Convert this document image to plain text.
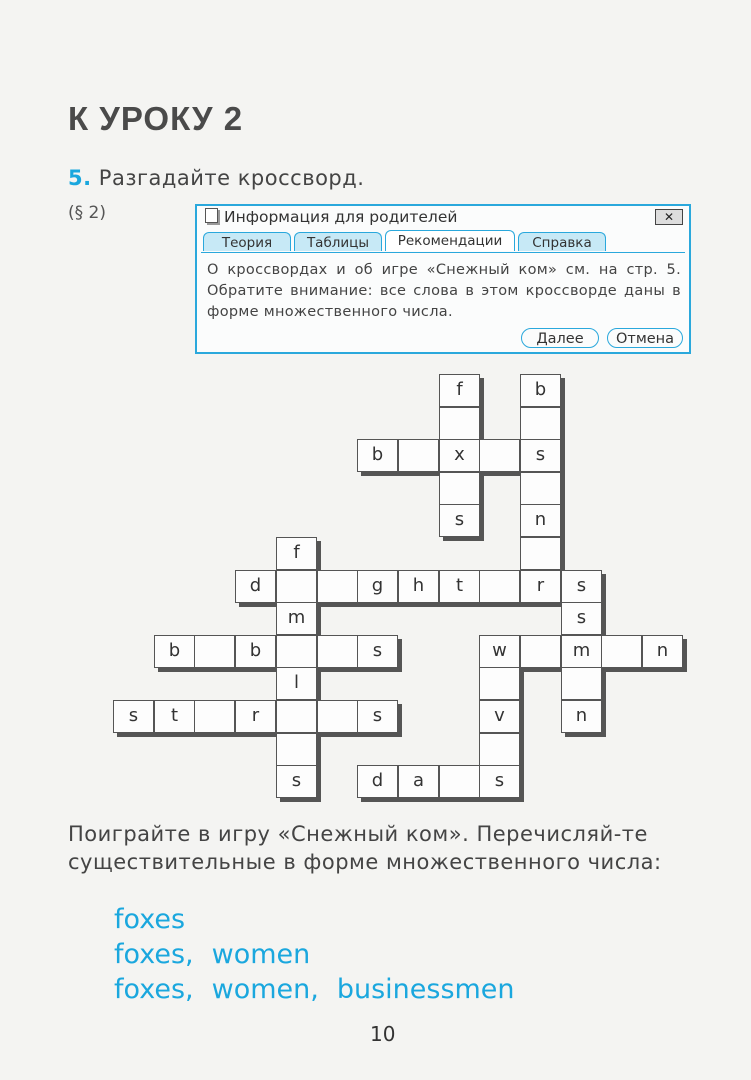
К УРОКУ 2
5. Разгадайте кроссворд.
(§ 2)	Информация для родителей	✕
Теория	Таблицы	Рекомендации	Справка
О кроссвордах и об игре «Снежный ком» см. на стр. 5. Обратите внимание: все слова в этом кроссворде даны в форме множественного числа.
Далее	Отмена
f	b
b	x	s
s	n
f
d	g	h	t	r	s
m	s
b	b	s	w	m	n
l
s	t	r	s	v	n
s	d	a	s
Поиграйте в игру «Снежный ком». Перечисляй-те существительные в форме множественного числа:
foxes
foxes, women
foxes, women, businessmen
10
